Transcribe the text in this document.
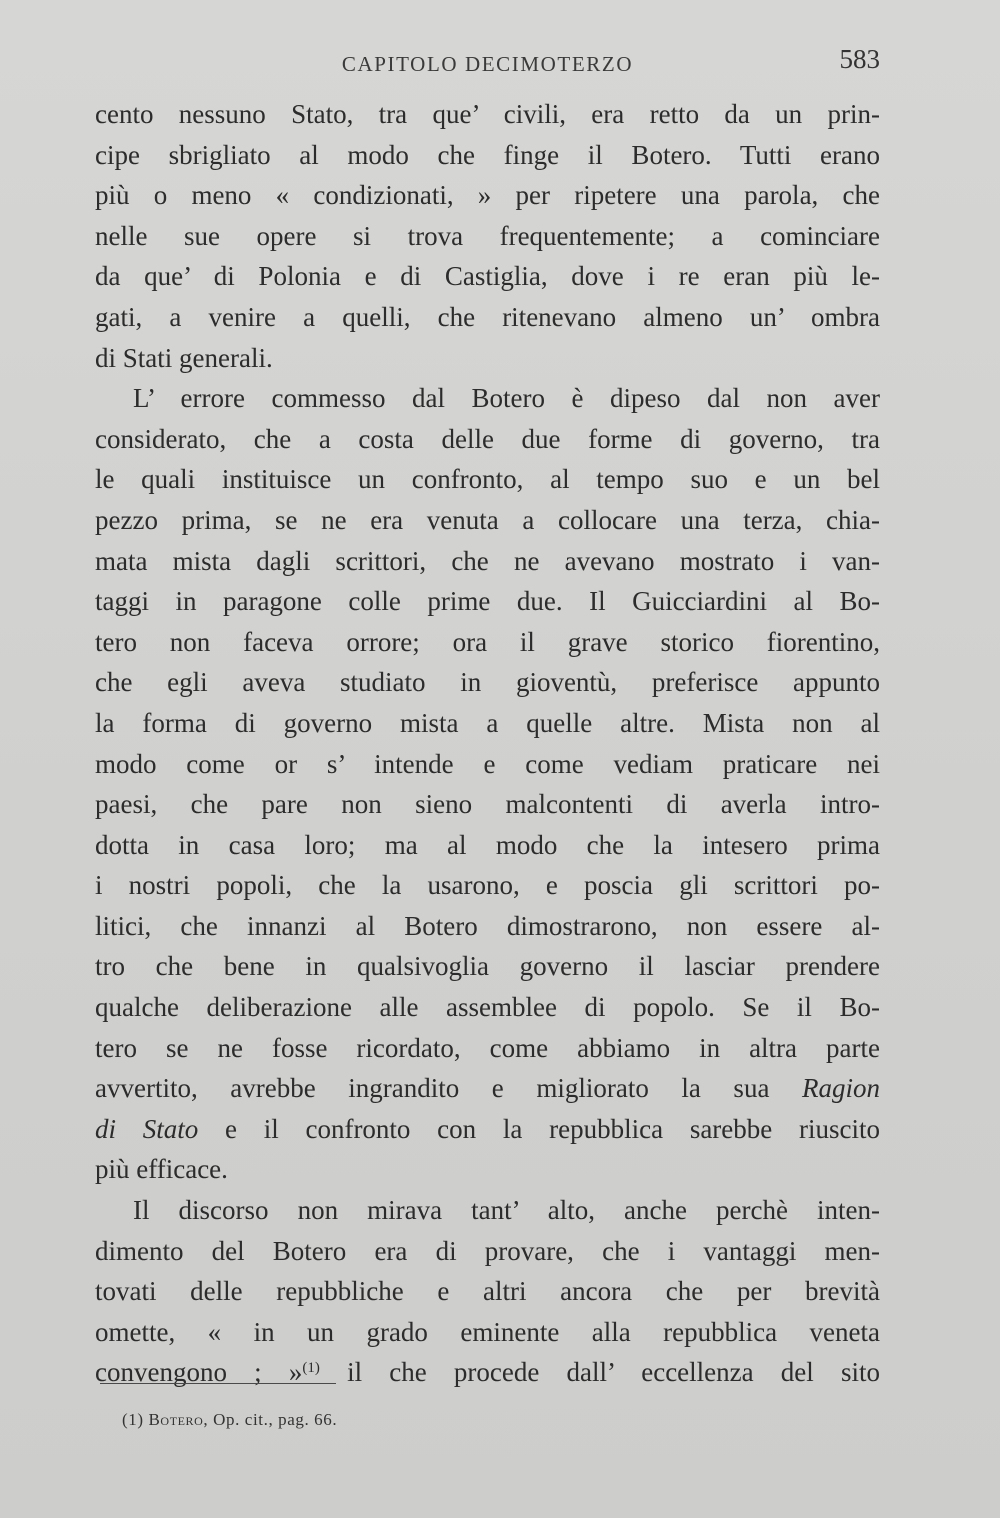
CAPITOLO DECIMOTERZO	583
cento nessuno Stato, tra que’ civili, era retto da un prin-
cipe sbrigliato al modo che finge il Botero. Tutti erano
più o meno « condizionati, » per ripetere una parola, che
nelle sue opere si trova frequentemente; a cominciare
da que’ di Polonia e di Castiglia, dove i re eran più le-
gati, a venire a quelli, che ritenevano almeno un’ ombra
di Stati generali.
L’ errore commesso dal Botero è dipeso dal non aver
considerato, che a costa delle due forme di governo, tra
le quali instituisce un confronto, al tempo suo e un bel
pezzo prima, se ne era venuta a collocare una terza, chia-
mata mista dagli scrittori, che ne avevano mostrato i van-
taggi in paragone colle prime due. Il Guicciardini al Bo-
tero non faceva orrore; ora il grave storico fiorentino,
che egli aveva studiato in gioventù, preferisce appunto
la forma di governo mista a quelle altre. Mista non al
modo come or s’ intende e come vediam praticare nei
paesi, che pare non sieno malcontenti di averla intro-
dotta in casa loro; ma al modo che la intesero prima
i nostri popoli, che la usarono, e poscia gli scrittori po-
litici, che innanzi al Botero dimostrarono, non essere al-
tro che bene in qualsivoglia governo il lasciar prendere
qualche deliberazione alle assemblee di popolo. Se il Bo-
tero se ne fosse ricordato, come abbiamo in altra parte
avvertito, avrebbe ingrandito e migliorato la sua Ragion
di Stato e il confronto con la repubblica sarebbe riuscito
più efficace.
Il discorso non mirava tant’ alto, anche perchè inten-
dimento del Botero era di provare, che i vantaggi men-
tovati delle repubbliche e altri ancora che per brevità
omette, « in un grado eminente alla repubblica veneta
convengono ; »$^{(1)}$ il che procede dall’ eccellenza del sito
(1) Botero, Op. cit., pag. 66.
